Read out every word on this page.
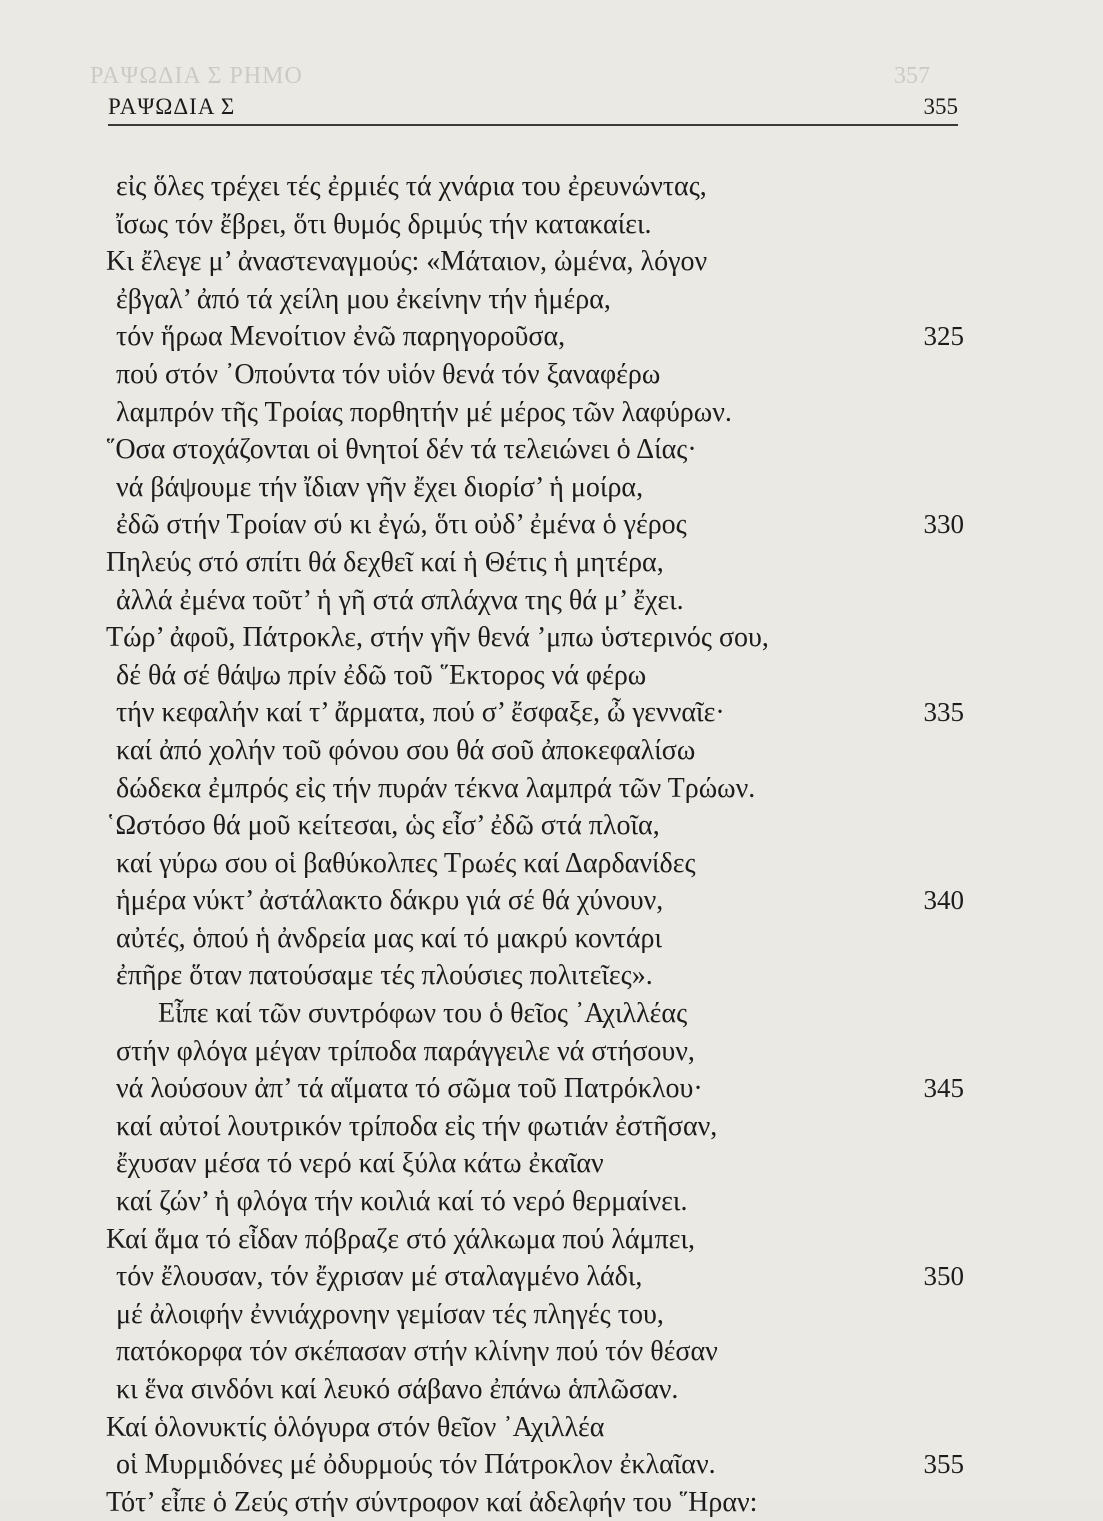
ΡΑΨΩΔΙΑ Σ ΡΗΜΟ	357
ΡΑΨΩΔΙΑ Σ	355
εἰς ὅλες τρέχει τές ἐρμιές τά χνάρια του ἐρευνώντας,
ἴσως τόν ἔβρει, ὅτι θυμός δριμύς τήν κατακαίει.
Κι ἔλεγε μ’ ἀναστεναγμούς: «Μάταιον, ὠμένα, λόγον
ἐβγαλ’ ἀπό τά χείλη μου ἐκείνην τήν ἡμέρα,
τόν ἥρωα Μενοίτιον ἐνῶ παρηγοροῦσα,	325
πού στόν ᾿Οπούντα τόν υἱόν θενά τόν ξαναφέρω
λαμπρόν τῆς Τροίας πορθητήν μέ μέρος τῶν λαφύρων.
῞Οσα στοχάζονται οἱ θνητοί δέν τά τελειώνει ὁ Δίας·
νά βάψουμε τήν ἴδιαν γῆν ἔχει διορίσ’ ἡ μοίρα,
ἐδῶ στήν Τροίαν σύ κι ἐγώ, ὅτι οὐδ’ ἐμένα ὁ γέρος	330
Πηλεύς στό σπίτι θά δεχθεῖ καί ἡ Θέτις ἡ μητέρα,
ἀλλά ἐμένα τοῦτ’ ἡ γῆ στά σπλάχνα της θά μ’ ἔχει.
Τώρ’ ἀφοῦ, Πάτροκλε, στήν γῆν θενά ’μπω ὑστερινός σου,
δέ θά σέ θάψω πρίν ἐδῶ τοῦ ῞Εκτορος νά φέρω
τήν κεφαλήν καί τ’ ἄρματα, πού σ’ ἔσφαξε, ὦ γενναῖε·	335
καί ἀπό χολήν τοῦ φόνου σου θά σοῦ ἀποκεφαλίσω
δώδεκα ἐμπρός εἰς τήν πυράν τέκνα λαμπρά τῶν Τρώων.
῾Ωστόσο θά μοῦ κείτεσαι, ὡς εἶσ’ ἐδῶ στά πλοῖα,
καί γύρω σου οἱ βαθύκολπες Τρωές καί Δαρδανίδες
ἡμέρα νύκτ’ ἀστάλακτο δάκρυ γιά σέ θά χύνουν,	340
αὐτές, ὁπού ἡ ἀνδρεία μας καί τό μακρύ κοντάρι
ἐπῆρε ὅταν πατούσαμε τές πλούσιες πολιτεῖες».
Εἶπε καί τῶν συντρόφων του ὁ θεῖος ᾿Αχιλλέας
στήν φλόγα μέγαν τρίποδα παράγγειλε νά στήσουν,
νά λούσουν ἀπ’ τά αἵματα τό σῶμα τοῦ Πατρόκλου·	345
καί αὐτοί λουτρικόν τρίποδα εἰς τήν φωτιάν ἐστῆσαν,
ἔχυσαν μέσα τό νερό καί ξύλα κάτω ἐκαῖαν
καί ζών’ ἡ φλόγα τήν κοιλιά καί τό νερό θερμαίνει.
Καί ἅμα τό εἶδαν πόβραζε στό χάλκωμα πού λάμπει,
τόν ἔλουσαν, τόν ἔχρισαν μέ σταλαγμένο λάδι,	350
μέ ἀλοιφήν ἐννιάχρονην γεμίσαν τές πληγές του,
πατόκορφα τόν σκέπασαν στήν κλίνην πού τόν θέσαν
κι ἕνα σινδόνι καί λευκό σάβανο ἐπάνω ἁπλῶσαν.
Καί ὁλονυκτίς ὁλόγυρα στόν θεῖον ᾿Αχιλλέα
οἱ Μυρμιδόνες μέ ὀδυρμούς τόν Πάτροκλον ἐκλαῖαν.	355
Τότ’ εἶπε ὁ Ζεύς στήν σύντροφον καί ἀδελφήν του ῞Ηραν:
